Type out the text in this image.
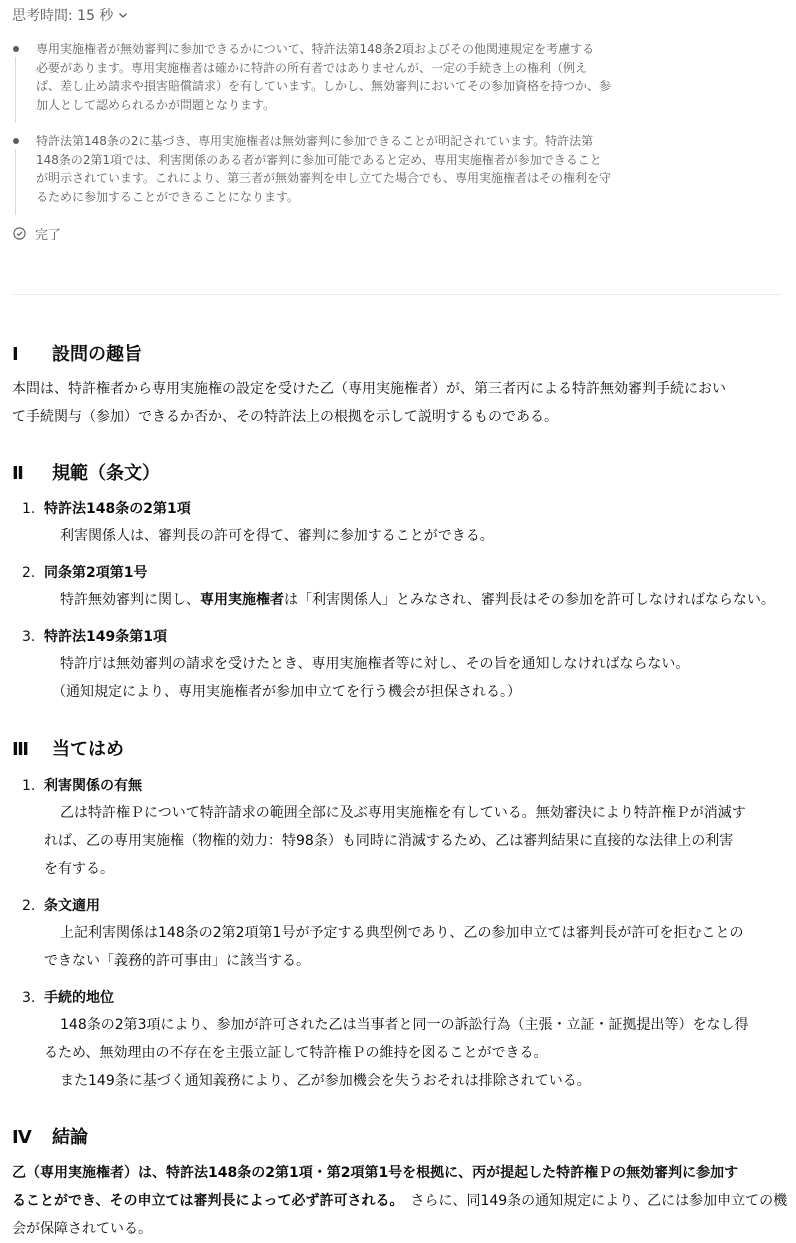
思考時間: 15 秒

専用実施権者が無効審判に参加できるかについて、特許法第148条2項およびその他関連規定を考慮する

必要があります。専用実施権者は確かに特許の所有者ではありませんが、一定の手続き上の権利（例え

ば、差し止め請求や損害賠償請求）を有しています。しかし、無効審判においてその参加資格を持つか、参

加人として認められるかが問題となります。

特許法第148条の2に基づき、専用実施権者は無効審判に参加できることが明記されています。特許法第

148条の2第1項では、利害関係のある者が審判に参加可能であると定め、専用実施権者が参加できること

が明示されています。これにより、第三者が無効審判を申し立てた場合でも、専用実施権者はその権利を守

るために参加することができることになります。

完了
Ⅰ 設問の趣旨
本問は、特許権者から専用実施権の設定を受けた乙（専用実施権者）が、第三者丙による特許無効審判手続におい
て手続関与（参加）できるか否か、その特許法上の根拠を示して説明するものである。
Ⅱ 規範（条文）
1. 特許法148条の2第1項
利害関係人は、審判長の許可を得て、審判に参加することができる。
2. 同条第2項第1号
特許無効審判に関し、専用実施権者は「利害関係人」とみなされ、審判長はその参加を許可しなければならない。
3. 特許法149条第1項
特許庁は無効審判の請求を受けたとき、専用実施権者等に対し、その旨を通知しなければならない。
（通知規定により、専用実施権者が参加申立てを行う機会が担保される。）
Ⅲ 当てはめ
1. 利害関係の有無
乙は特許権Ｐについて特許請求の範囲全部に及ぶ専用実施権を有している。無効審決により特許権Ｐが消滅す
れば、乙の専用実施権（物権的効力：特98条）も同時に消滅するため、乙は審判結果に直接的な法律上の利害
を有する。
2. 条文適用
上記利害関係は148条の2第2項第1号が予定する典型例であり、乙の参加申立ては審判長が許可を拒むことの
できない「義務的許可事由」に該当する。
3. 手続的地位
148条の2第3項により、参加が許可された乙は当事者と同一の訴訟行為（主張・立証・証拠提出等）をなし得
るため、無効理由の不存在を主張立証して特許権Ｐの維持を図ることができる。
また149条に基づく通知義務により、乙が参加機会を失うおそれは排除されている。
Ⅳ 結論
乙（専用実施権者）は、特許法148条の2第1項・第2項第1号を根拠に、丙が提起した特許権Ｐの無効審判に参加す
ることができ、その申立ては審判長によって必ず許可される。　さらに、同149条の通知規定により、乙には参加申立ての機
会が保障されている。
